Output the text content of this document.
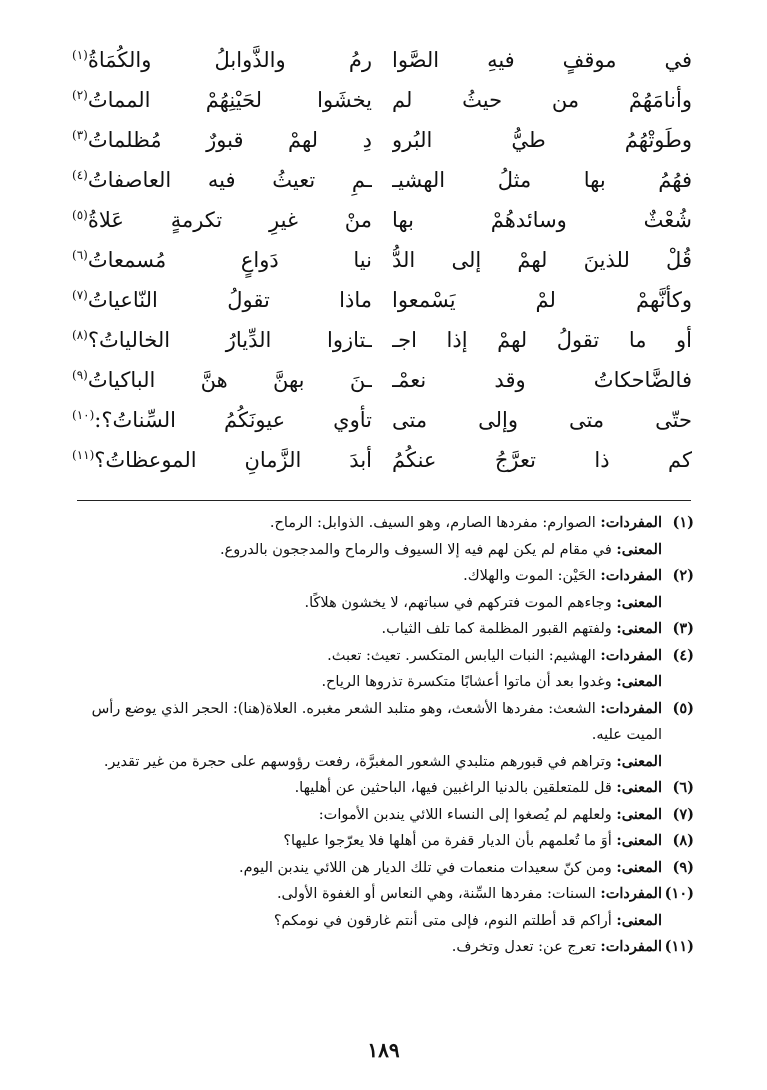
في موقفٍ فيهِ الصَّوا
رمُ والذَّوابلُ والكُمَاةُ$^{(١)}$
وأنامَهُمْ من حيثُ لم
يخشَوا لحَيْنِهُمْ المماتُ$^{(٢)}$
وطَوتْهُمُ طيُّ البُرو
دِ لهمْ قبورٌ مُظلماتُ$^{(٣)}$
فهُمُ بها مثلُ الهشيـ
ـمِ تعيثُ فيه العاصفاتُ$^{(٤)}$
شُعْثٌ وسائدهُمْ بها
منْ غيرِ تكرمةٍ عَلاةُ$^{(٥)}$
قُلْ للذينَ لهمْ إلى الدُّ
نيا دَواعٍ مُسمعاتُ$^{(٦)}$
وكأنَّهمْ لمْ يَسْمعوا
ماذا تقولُ النّاعياتُ$^{(٧)}$
أو ما تقولُ لهمْ إذا اجـ
ـتازوا الدِّيارُ الخالياتُ؟$^{(٨)}$
فالضَّاحكاتُ وقد نعمْـ
ـنَ بهنَّ هنَّ الباكياتُ$^{(٩)}$
حتّى متى وإلى متى
تأوي عيونَكُمُ السِّناتُ؟:$^{(١٠)}$
كم ذا تعرَّجُ عنكُمُ
أبدَ الزَّمانِ الموعظاتُ؟$^{(١١)}$
(١)
المفردات: الصوارم: مفردها الصارم، وهو السيف. الذوابل: الرماح.
المعنى: في مقام لم يكن لهم فيه إلا السيوف والرماح والمدججون بالدروع.
(٢)
المفردات: الحَيْن: الموت والهلاك.
المعنى: وجاءهم الموت فتركهم في سباتهم، لا يخشون هلاكًا.
(٣)
المعنى: ولفتهم القبور المظلمة كما تلف الثياب.
(٤)
المفردات: الهشيم: النبات اليابس المتكسر. تعيث: تعبث.
المعنى: وغدوا بعد أن ماتوا أعشابًا متكسرة تذروها الرياح.
(٥)
المفردات: الشعث: مفردها الأشعث، وهو متلبد الشعر مغبره. العلاة(هنا): الحجر الذي يوضع رأس الميت عليه.
المعنى: وتراهم في قبورهم متلبدي الشعور المغبرَّة، رفعت رؤوسهم على حجرة من غير تقدير.
(٦)
المعنى: قل للمتعلقين بالدنيا الراغبين فيها، الباحثين عن أهليها.
(٧)
المعنى: ولعلهم لم يُصغوا إلى النساء اللائي يندبن الأموات:
(٨)
المعنى: أوَ ما تُعلمهم بأن الديار قفرة من أهلها فلا يعرّجوا عليها؟
(٩)
المعنى: ومن كنّ سعيدات منعمات في تلك الديار هن اللائي يندبن اليوم.
(١٠)
المفردات: السنات: مفردها السِّنة، وهي النعاس أو الغفوة الأولى.
المعنى: أراكم قد أطلتم النوم، فإلى متى أنتم غارقون في نومكم؟
(١١)
المفردات: تعرج عن: تعدل وتخرف.
١٨٩
